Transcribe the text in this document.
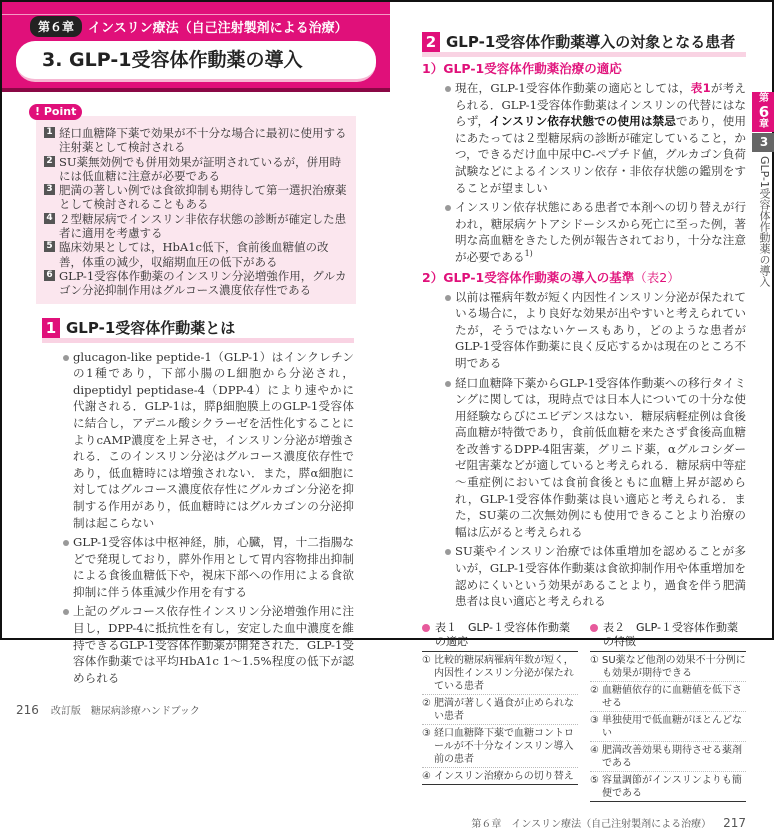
第６章	インスリン療法（自己注射製剤による治療）
3. GLP-1受容体作動薬の導入
! Point
1 経口血糖降下薬で効果が不十分な場合に最初に使用する注射薬として検討される
2 SU薬無効例でも併用効果が証明されているが，併用時には低血糖に注意が必要である
3 肥満の著しい例では食欲抑制も期待して第一選択治療薬として検討されることもある
4 ２型糖尿病でインスリン非依存状態の診断が確定した患者に適用を考慮する
5 臨床効果としては，HbA1c低下，食前後血糖値の改善，体重の減少，収縮期血圧の低下がある
6 GLP-1受容体作動薬のインスリン分泌増強作用，グルカゴン分泌抑制作用はグルコース濃度依存性である
1 GLP-1受容体作動薬とは

glucagon-like peptide-1（GLP-1）はインクレチンの1種であり，下部小腸のL細胞から分泌され，dipeptidyl peptidase-4（DPP-4）により速やかに代謝される．GLP-1は，膵β細胞膜上のGLP-1受容体に結合し，アデニル酸シクラーゼを活性化することによりcAMP濃度を上昇させ，インスリン分泌が増強される．このインスリン分泌はグルコース濃度依存性であり，低血糖時には増強されない．また，膵α細胞に対してはグルコース濃度依存性にグルカゴン分泌を抑制する作用があり，低血糖時にはグルカゴンの分泌抑制は起こらない

GLP-1受容体は中枢神経，肺，心臓，胃，十二指腸などで発現しており，膵外作用として胃内容物排出抑制による食後血糖低下や，視床下部への作用による食欲抑制に伴う体重減少作用を有する

上記のグルコース依存性インスリン分泌増強作用に注目し，DPP-4に抵抗性を有し，安定した血中濃度を維持できるGLP-1受容体作動薬が開発された．GLP-1受容体作動薬では平均HbA1c 1～1.5%程度の低下が認められる

216 改訂版　糖尿病診療ハンドブック
2 GLP-1受容体作動薬導入の対象となる患者
1）GLP-1受容体作動薬治療の適応

現在，GLP-1受容体作動薬の適応としては，表1が考えられる．GLP-1受容体作動薬はインスリンの代替にはならず，インスリン依存状態での使用は禁忌であり，使用にあたっては２型糖尿病の診断が確定していること，かつ，できるだけ血中尿中C-ペプチド値，グルカゴン負荷試験などによるインスリン依存・非依存状態の鑑別をすることが望ましい

インスリン依存状態にある患者で本剤への切り替えが行われ，糖尿病ケトアシドーシスから死亡に至った例，著明な高血糖をきたした例が報告されており，十分な注意が必要である$^{1)}$

2）GLP-1受容体作動薬の導入の基準（表2）

以前は罹病年数が短く内因性インスリン分泌が保たれている場合に，より良好な効果が出やすいと考えられていたが，そうではないケースもあり，どのような患者がGLP-1受容体作動薬に良く反応するかは現在のところ不明である

経口血糖降下薬からGLP-1受容体作動薬への移行タイミングに関しては，現時点では日本人についての十分な使用経験ならびにエビデンスはない．糖尿病軽症例は食後高血糖が特徴であり，食前低血糖を来たさず食後高血糖を改善するDPP-4阻害薬，グリニド薬，αグルコシダーゼ阻害薬などが適していると考えられる．糖尿病中等症～重症例においては食前食後ともに血糖上昇が認められ，GLP-1受容体作動薬は良い適応と考えられる．また，SU薬の二次無効例にも使用できることより治療の幅は広がると考えられる

SU薬やインスリン治療では体重増加を認めることが多いが，GLP-1受容体作動薬は食欲抑制作用や体重増加を認めにくいという効果があることより，過食を伴う肥満患者は良い適応と考えられる

表１　GLP-１受容体作動薬の適応
① 比較的糖尿病罹病年数が短く，内因性インスリン分泌が保たれている患者
② 肥満が著しく過食が止められない患者
③ 経口血糖降下薬で血糖コントロールが不十分なインスリン導入前の患者
④ インスリン治療からの切り替え
表２　GLP-１受容体作動薬の特徴
① SU薬など他剤の効果不十分例にも効果が期待できる
② 血糖値依存的に血糖値を低下させる
③ 単独使用で低血糖がほとんどない
④ 肥満改善効果も期待させる薬剤である
⑤ 容量調節がインスリンよりも簡便である
第６章　インスリン療法（自己注射製剤による治療） 217
第
6
章
3
GLP-1受容体作動薬の導入
